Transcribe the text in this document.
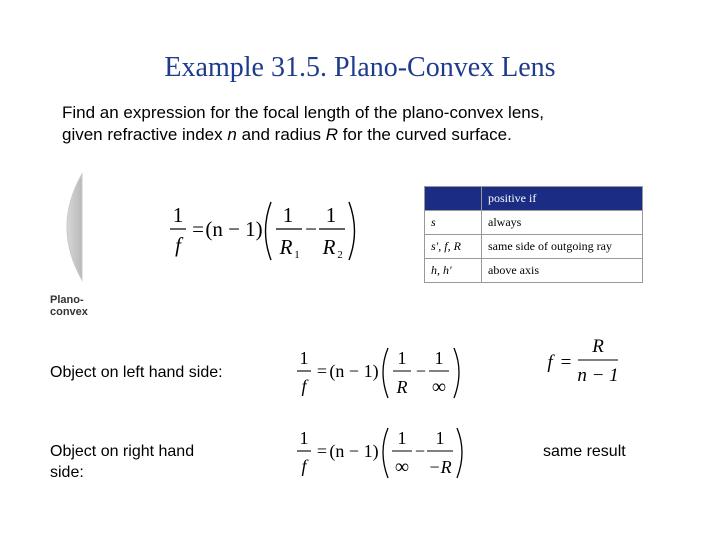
Example 31.5. Plano-Convex Lens
Find an expression for the focal length of the plano-convex lens,
given refractive index n and radius R for the curved surface.
Plano-
convex
1
f
= (n − 1)
1
R 1
−
1
R 2
	positive if
s	always
s', f, R	same side of outgoing ray
h, h'	above axis
Object on left hand side:
1
f
= (n − 1)
1
R
−
1
∞
f =
R
n − 1
Object on right hand
side:
1
f
= (n − 1)
1
∞
−
1
−R
same result
